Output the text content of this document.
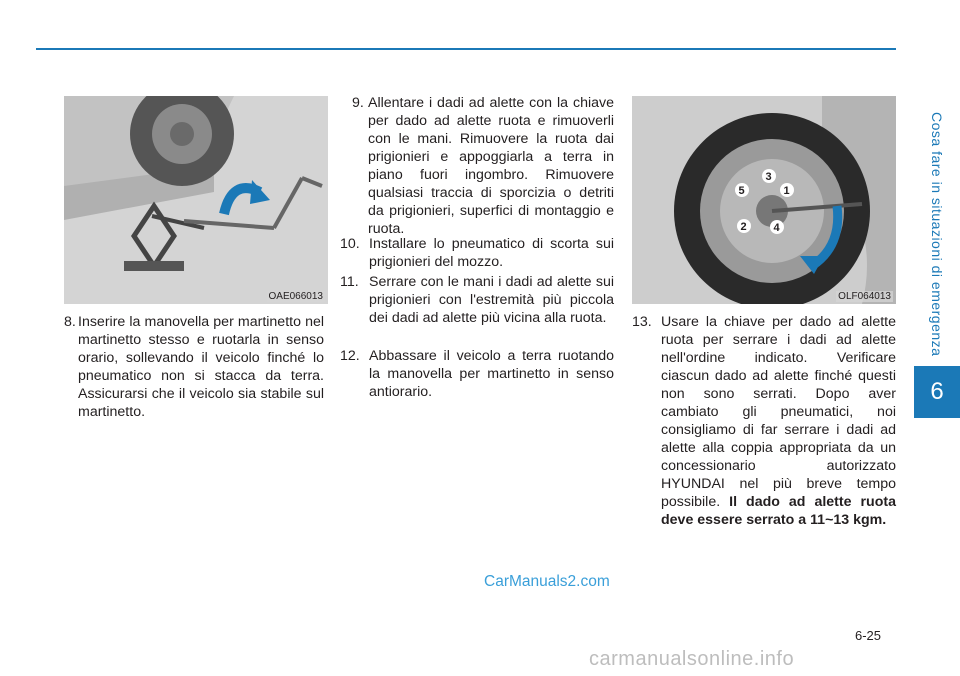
Cosa fare in situazioni di emergenza
6
OAE066013
1
2
3
4
5
OLF064013
8. Inserire la manovella per martinetto nel martinetto stesso e ruotarla in senso orario, sollevando il veicolo finché lo pneumatico non si stacca da terra. Assicurarsi che il veicolo sia stabile sul martinetto.
9. Allentare i dadi ad alette con la chiave per dado ad alette ruota e rimuoverli con le mani. Rimuovere la ruota dai prigionieri e appoggiarla a terra in piano fuori ingombro. Rimuovere qualsiasi traccia di sporcizia o detriti da prigionieri, superfici di montaggio e ruota.
10. Installare lo pneumatico di scorta sui prigionieri del mozzo.
11. Serrare con le mani i dadi ad alette sui prigionieri con l'estremità più piccola dei dadi ad alette più vicina alla ruota.
12. Abbassare il veicolo a terra ruotando la manovella per martinetto in senso antiorario.
13. Usare la chiave per dado ad alette ruota per serrare i dadi ad alette nell'ordine indicato. Verificare ciascun dado ad alette finché questi non sono serrati. Dopo aver cambiato gli pneumatici, noi consigliamo di far serrare i dadi ad alette alla coppia appropriata da un concessionario autorizzato HYUNDAI nel più breve tempo possibile. Il dado ad alette ruota deve essere serrato a 11~13 kgm.
CarManuals2.com
6-25
carmanualsonline.info
